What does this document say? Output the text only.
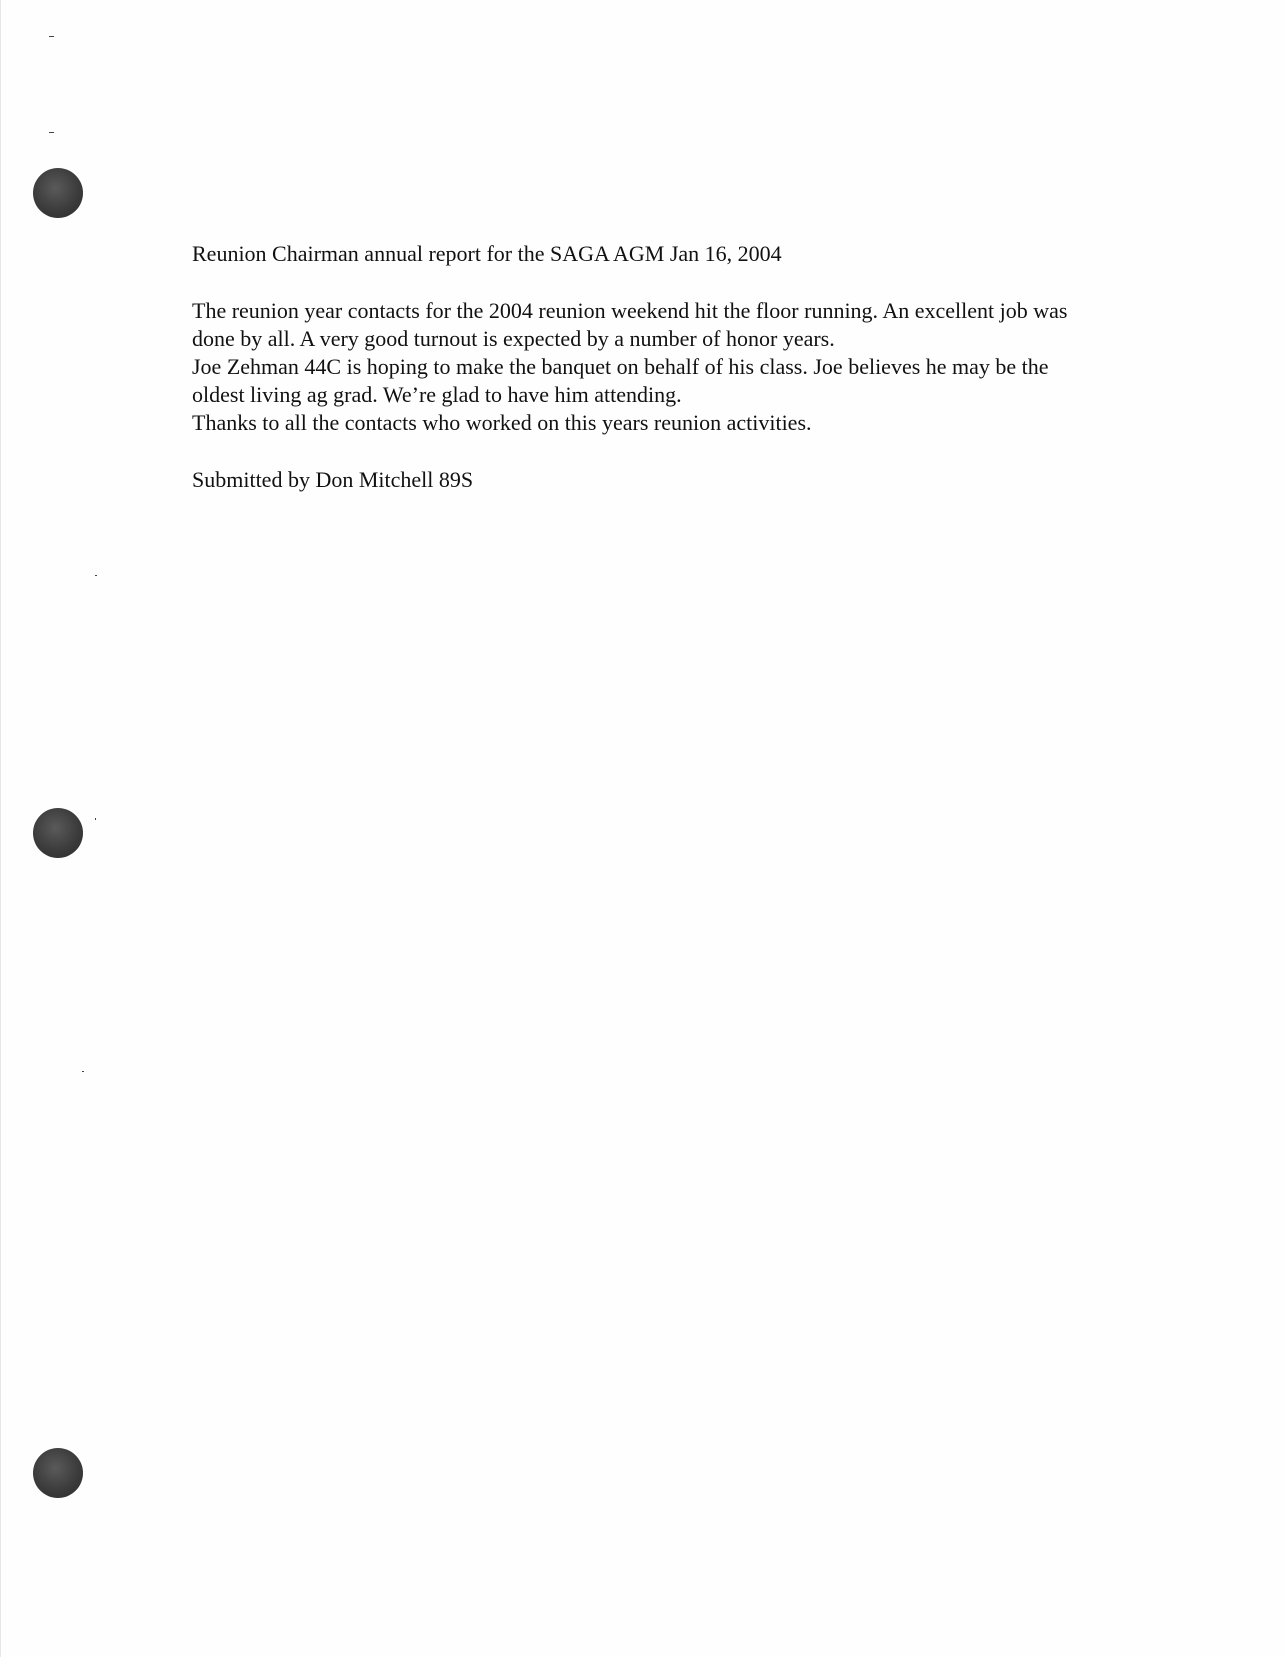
Reunion Chairman annual report for the SAGA AGM Jan 16, 2004

The reunion year contacts for the 2004 reunion weekend hit the floor running. An excellent job was done by all. A very good turnout is expected by a number of honor years.

Joe Zehman 44C is hoping to make the banquet on behalf of his class. Joe believes he may be the oldest living ag grad. We’re glad to have him attending.

Thanks to all the contacts who worked on this years reunion activities.

Submitted by Don Mitchell 89S
